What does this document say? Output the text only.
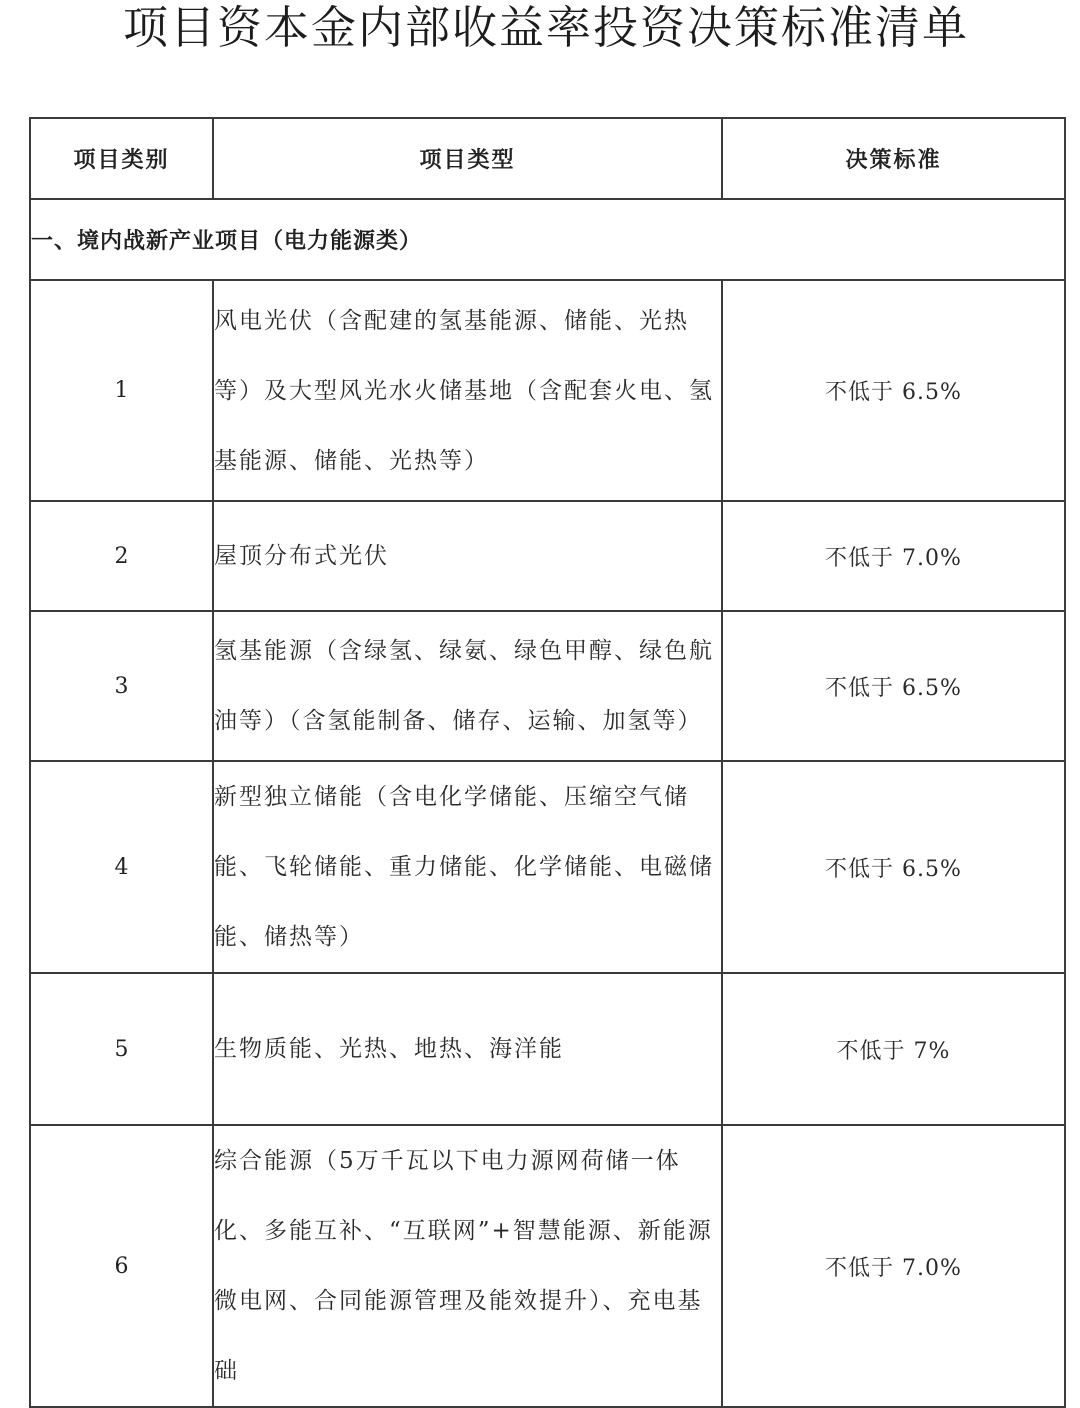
项目资本金内部收益率投资决策标准清单
项目类别	项目类型	决策标准
一、境内战新产业项目（电力能源类）		
1	风电光伏（含配建的氢基能源、储能、光热等）及大型风光水火储基地（含配套火电、氢基能源、储能、光热等）	不低于 6.5%
2	屋顶分布式光伏	不低于 7.0%
3	氢基能源（含绿氢、绿氨、绿色甲醇、绿色航油等）（含氢能制备、储存、运输、加氢等）	不低于 6.5%
4	新型独立储能（含电化学储能、压缩空气储能、飞轮储能、重力储能、化学储能、电磁储能、储热等）	不低于 6.5%
5	生物质能、光热、地热、海洋能	不低于 7%
6	综合能源（5万千瓦以下电力源网荷储一体化、多能互补、“互联网”+智慧能源、新能源微电网、合同能源管理及能效提升）、充电基础	不低于 7.0%
